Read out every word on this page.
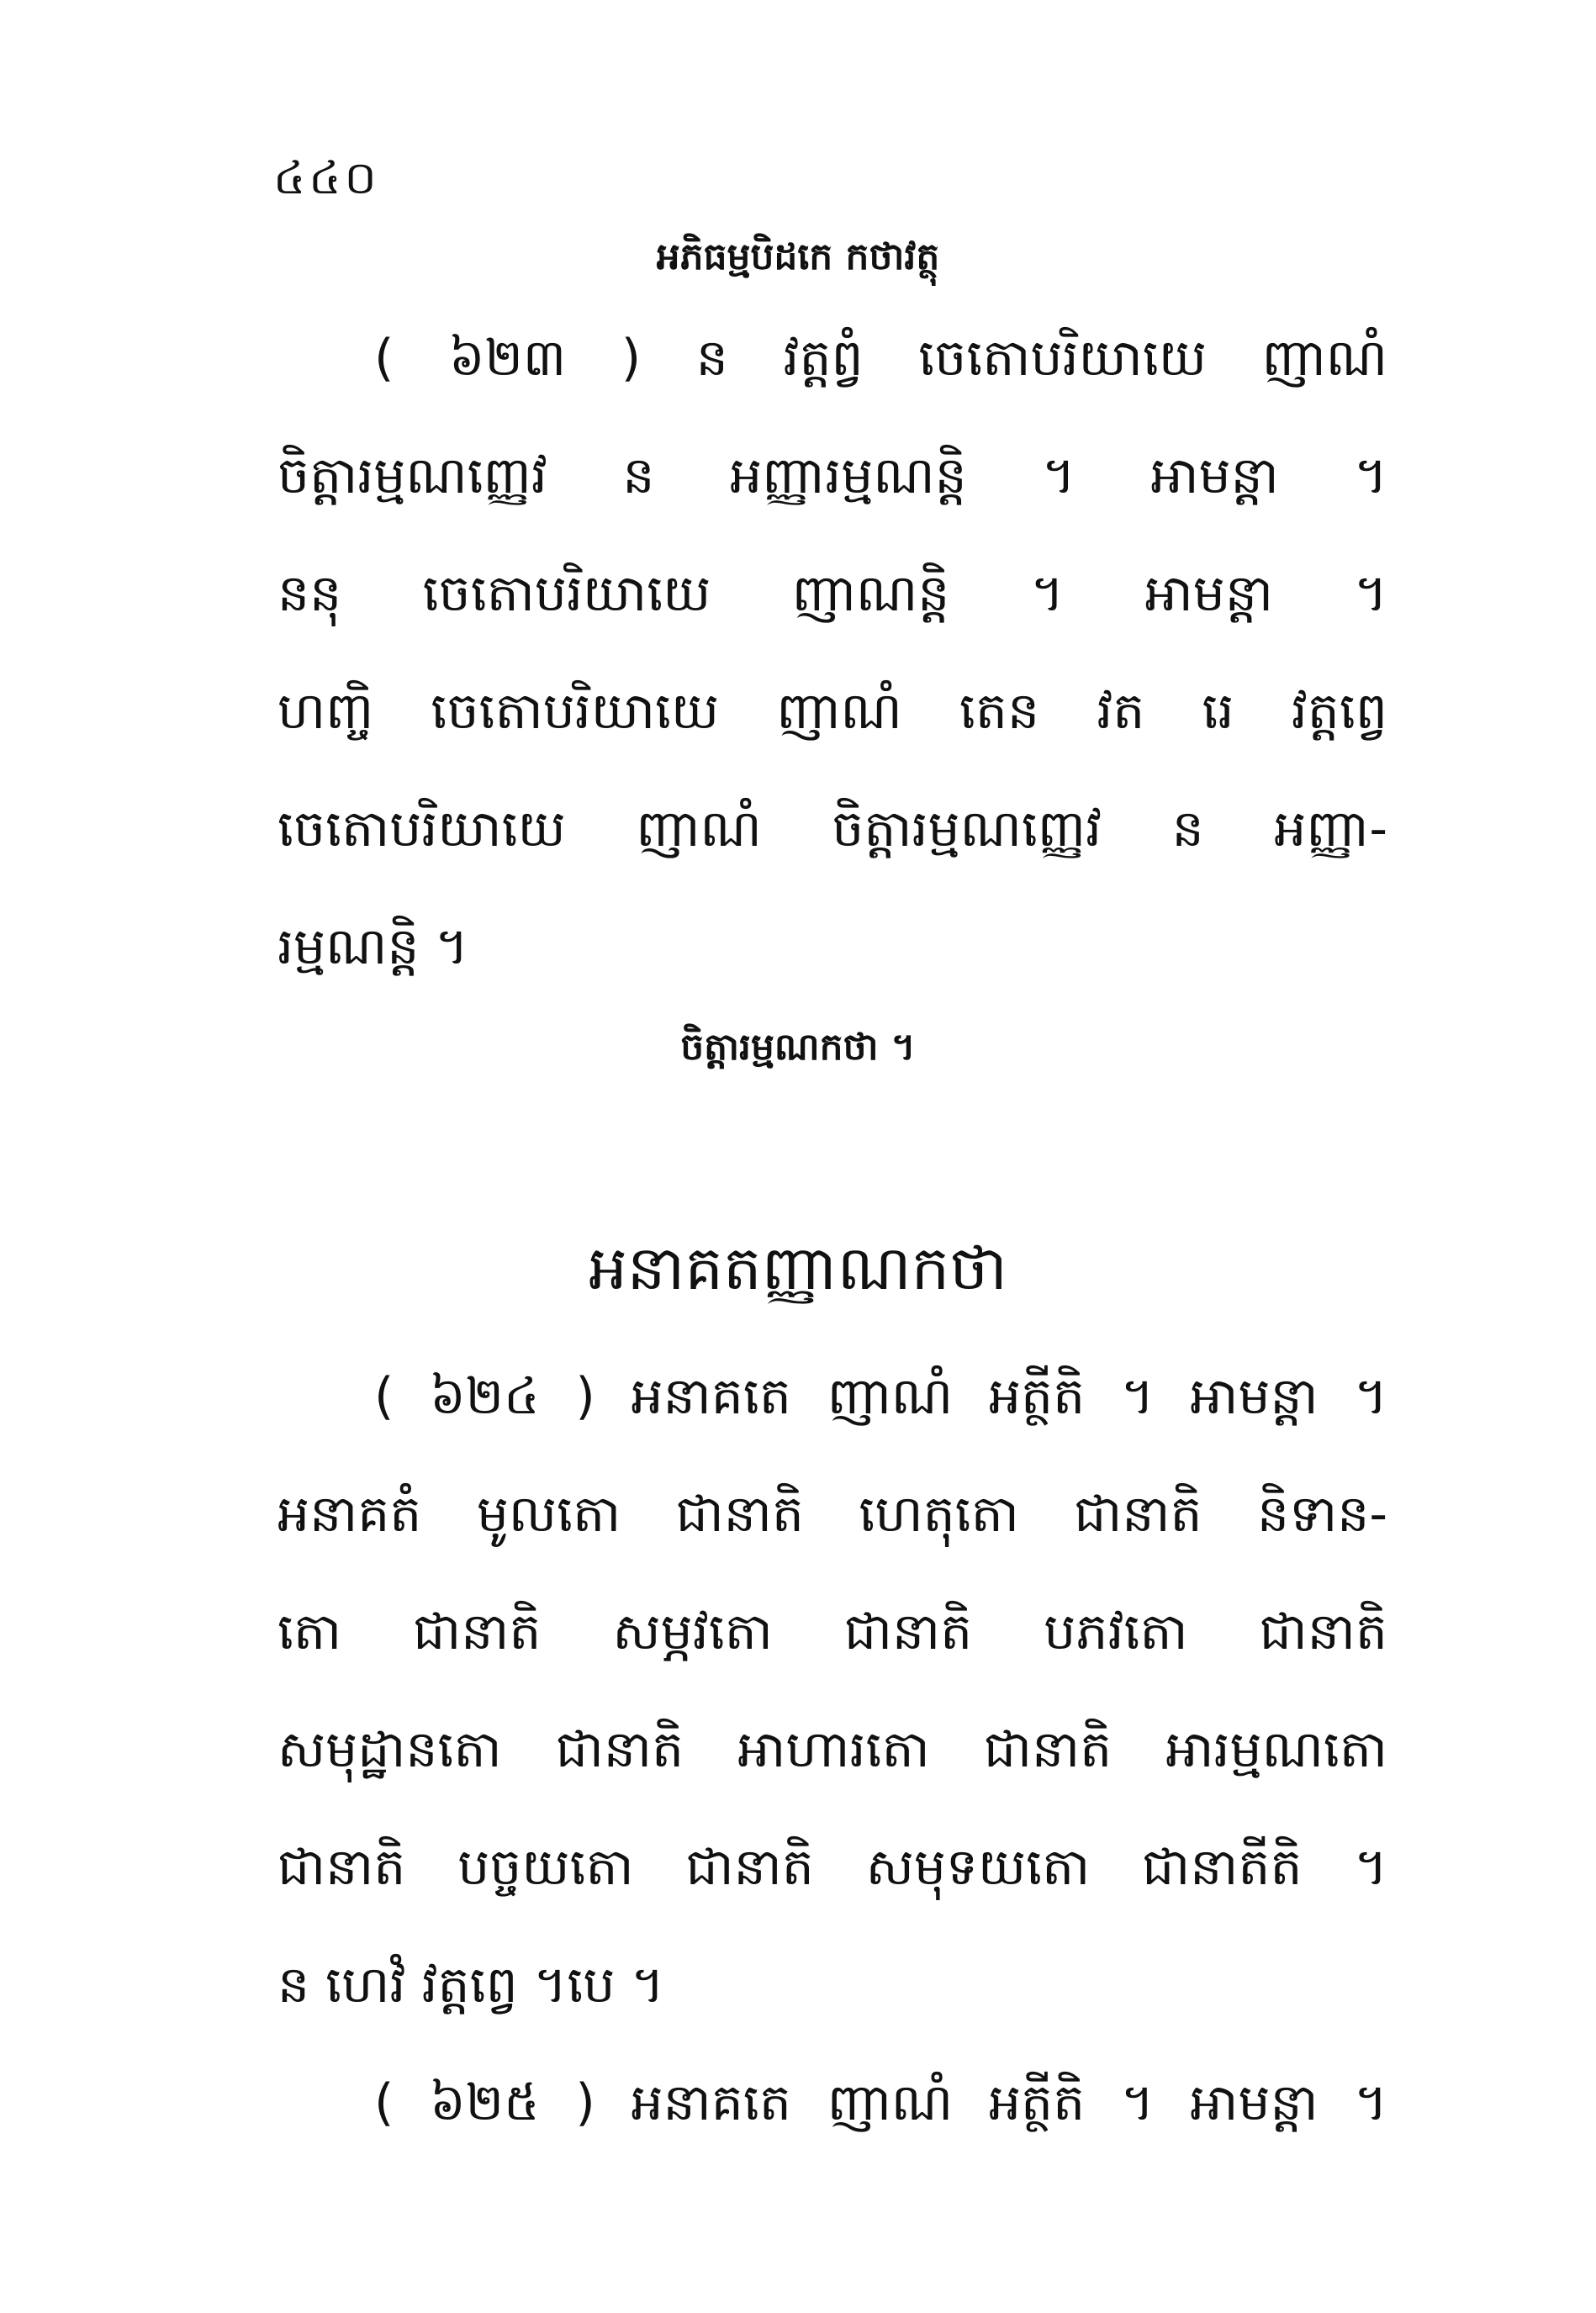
៤៤០
អភិធម្មបិដកេ កថាវត្ថុ
( ៦២៣ ) ន វត្តព្វំ ចេតោបរិយាយេ ញាណំ
ចិត្តារម្មណញ្ញេវ ន អញ្ញារម្មណន្តិ ។ អាមន្តា ។
ននុ ចេតោបរិយាយេ ញាណន្តិ ។ អាមន្តា ។
ហញ្ចិ ចេតោបរិយាយេ ញាណំ តេន វត រេ វត្តព្វេ
ចេតោបរិយាយេ ញាណំ ចិត្តារម្មណញ្ញេវ ន អញ្ញា-
រម្មណន្តិ ។
ចិត្តារម្មណកថា ។
អនាគតញ្ញាណកថា
( ៦២៤ ) អនាគតេ ញាណំ អត្ថីតិ ។ អាមន្តា ។
អនាគតំ មូលតោ ជានាតិ ហេតុតោ ជានាតិ និទាន-
តោ ជានាតិ សម្ភវតោ ជានាតិ បភវតោ ជានាតិ
សមុដ្ឋានតោ ជានាតិ អាហារតោ ជានាតិ អារម្មណតោ
ជានាតិ បច្ចយតោ ជានាតិ សមុទយតោ ជានាតីតិ ។
ន ហេវំ វត្តព្វេ ។បេ ។
( ៦២៥ ) អនាគតេ ញាណំ អត្ថីតិ ។ អាមន្តា ។
